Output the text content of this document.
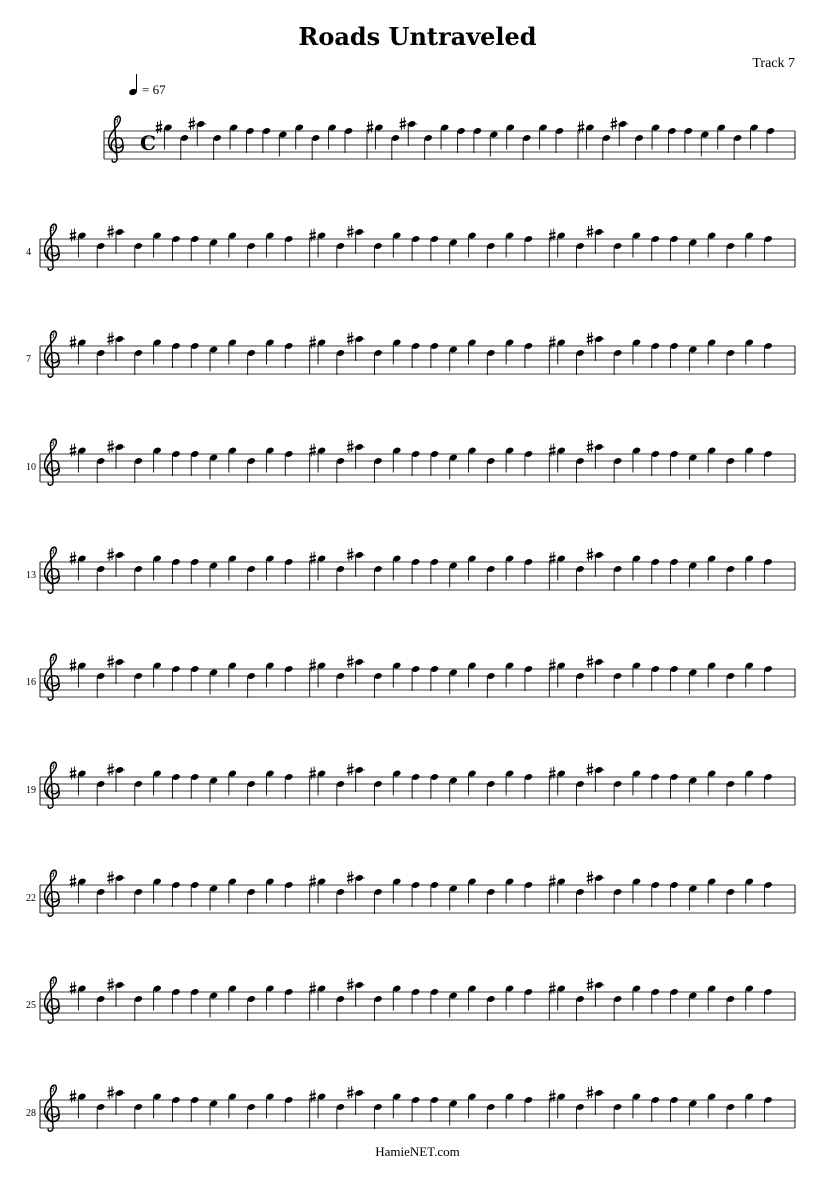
Roads Untraveled
Track 7
8
C
= 67
8
4
8
7
8
10
8
13
8
16
8
19
8
22
8
25
8
28
HamieNET.com
